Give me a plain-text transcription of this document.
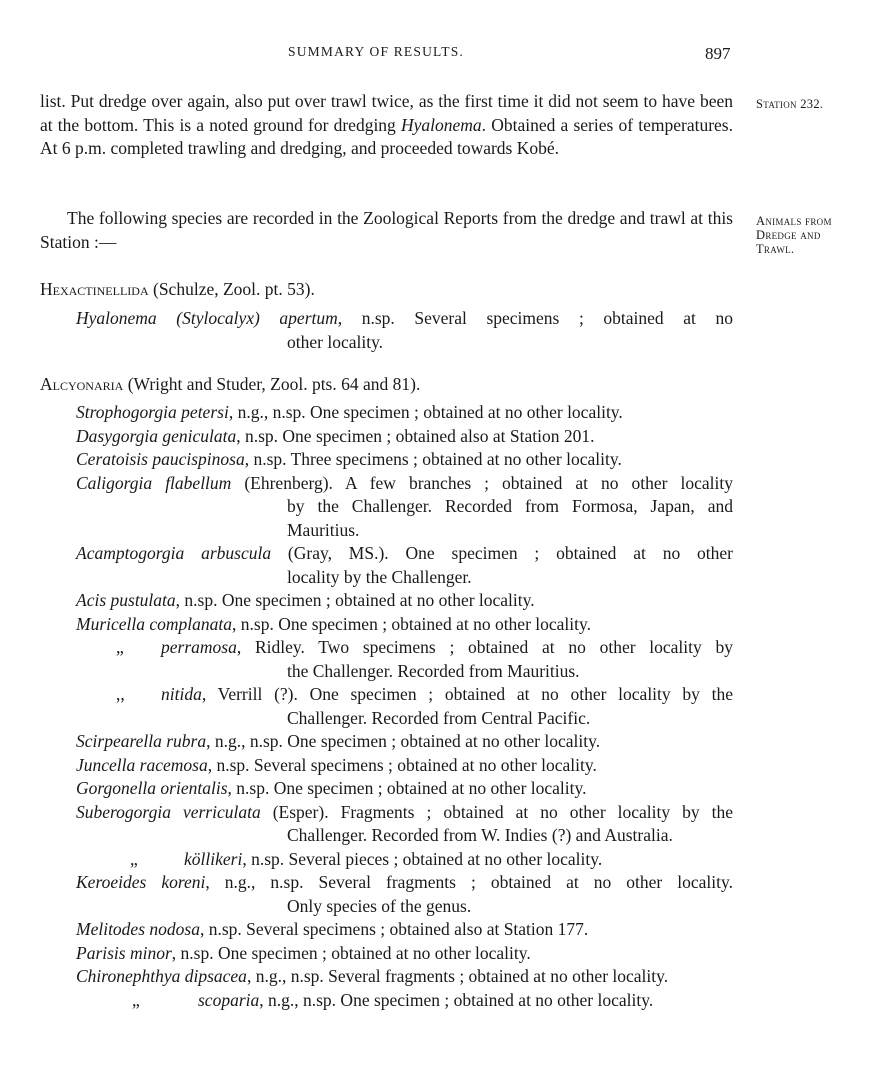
SUMMARY OF RESULTS.	897
Station 232.
Animals from Dredge and Trawl.

list. Put dredge over again, also put over trawl twice, as the first time it did not seem to have been at the bottom. This is a noted ground for dredging Hyalonema. Obtained a series of temperatures. At 6 p.m. completed trawling and dredging, and proceeded towards Kobé.

The following species are recorded in the Zoological Reports from the dredge and trawl at this Station :—

Hexactinellida (Schulze, Zool. pt. 53).
Hyalonema (Stylocalyx) apertum, n.sp. Several specimens ; obtained at no
other locality.
Alcyonaria (Wright and Studer, Zool. pts. 64 and 81).
Strophogorgia petersi, n.g., n.sp. One specimen ; obtained at no other locality.
Dasygorgia geniculata, n.sp. One specimen ; obtained also at Station 201.
Ceratoisis paucispinosa, n.sp. Three specimens ; obtained at no other locality.
Caligorgia flabellum (Ehrenberg). A few branches ; obtained at no other locality
by the Challenger. Recorded from Formosa, Japan, and Mauritius.
Acamptogorgia arbuscula (Gray, MS.). One specimen ; obtained at no other
locality by the Challenger.
Acis pustulata, n.sp. One specimen ; obtained at no other locality.
Muricella complanata, n.sp. One specimen ; obtained at no other locality.
„	perramosa, Ridley. Two specimens ; obtained at no other locality by
the Challenger. Recorded from Mauritius.
,,	nitida, Verrill (?). One specimen ; obtained at no other locality by the
Challenger. Recorded from Central Pacific.
Scirpearella rubra, n.g., n.sp. One specimen ; obtained at no other locality.
Juncella racemosa, n.sp. Several specimens ; obtained at no other locality.
Gorgonella orientalis, n.sp. One specimen ; obtained at no other locality.
Suberogorgia verriculata (Esper). Fragments ; obtained at no other locality by the
Challenger. Recorded from W. Indies (?) and Australia.
„	köllikeri, n.sp. Several pieces ; obtained at no other locality.
Keroeides koreni, n.g., n.sp. Several fragments ; obtained at no other locality.
Only species of the genus.
Melitodes nodosa, n.sp. Several specimens ; obtained also at Station 177.
Parisis minor, n.sp. One specimen ; obtained at no other locality.
Chironephthya dipsacea, n.g., n.sp. Several fragments ; obtained at no other locality.
„	scoparia, n.g., n.sp. One specimen ; obtained at no other locality.
